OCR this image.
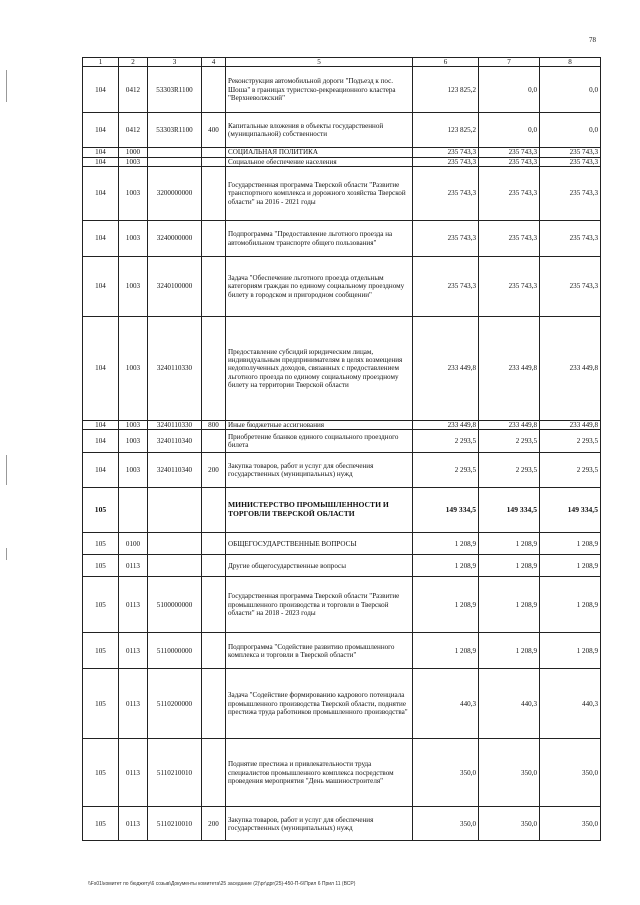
78
1	2	3	4	5	6	7	8
104	0412	53303R1100		Реконструкция автомобильной дороги "Подъезд к пос. Шоша" в границах туристско-рекреационного кластера "Верхневолжский"	123 825,2	0,0	0,0
104	0412	53303R1100	400	Капитальные вложения в объекты государственной (муниципальной) собственности	123 825,2	0,0	0,0
104	1000			СОЦИАЛЬНАЯ ПОЛИТИКА	235 743,3	235 743,3	235 743,3
104	1003			Социальное обеспечение населения	235 743,3	235 743,3	235 743,3
104	1003	3200000000		Государственная программа Тверской области "Развитие транспортного комплекса и дорожного хозяйства Тверской области" на 2016 - 2021 годы	235 743,3	235 743,3	235 743,3
104	1003	3240000000		Подпрограмма "Предоставление льготного проезда на автомобильном транспорте общего пользования"	235 743,3	235 743,3	235 743,3
104	1003	3240100000		Задача "Обеспечение льготного проезда отдельным категориям граждан по единому социальному проездному билету в городском и пригородном сообщении"	235 743,3	235 743,3	235 743,3
104	1003	3240110330		Предоставление субсидий юридическим лицам, индивидуальным предпринимателям в целях возмещения недополученных доходов, связанных с предоставлением льготного проезда по единому социальному проездному билету на территории Тверской области	233 449,8	233 449,8	233 449,8
104	1003	3240110330	800	Иные бюджетные ассигнования	233 449,8	233 449,8	233 449,8
104	1003	3240110340		Приобретение бланков единого социального проездного билета	2 293,5	2 293,5	2 293,5
104	1003	3240110340	200	Закупка товаров, работ и услуг для обеспечения государственных (муниципальных) нужд	2 293,5	2 293,5	2 293,5
105				МИНИСТЕРСТВО ПРОМЫШЛЕННОСТИ И ТОРГОВЛИ ТВЕРСКОЙ ОБЛАСТИ	149 334,5	149 334,5	149 334,5
105	0100			ОБЩЕГОСУДАРСТВЕННЫЕ ВОПРОСЫ	1 208,9	1 208,9	1 208,9
105	0113			Другие общегосударственные вопросы	1 208,9	1 208,9	1 208,9
105	0113	5100000000		Государственная программа Тверской области "Развитие промышленного производства и торговли в Тверской области" на 2018 - 2023 годы	1 208,9	1 208,9	1 208,9
105	0113	5110000000		Подпрограмма "Содействие развитию промышленного комплекса и торговли в Тверской области"	1 208,9	1 208,9	1 208,9
105	0113	5110200000		Задача "Содействие формированию кадрового потенциала промышленного производства Тверской области, поднятие престижа труда работников промышленного производства"	440,3	440,3	440,3
105	0113	5110210010		Поднятие престижа и привлекательности труда специалистов промышленного комплекса посредством проведения мероприятия "День машиностроителя"	350,0	350,0	350,0
105	0113	5110210010	200	Закупка товаров, работ и услуг для обеспечения государственных (муниципальных) нужд	350,0	350,0	350,0
\\Fs01\комитет по бюджету\6 созыв\Документы комитета\25 заседание (2)\рг\дрг(25)-450-П-6\Прил 6 Прил 11 (ВСР)
